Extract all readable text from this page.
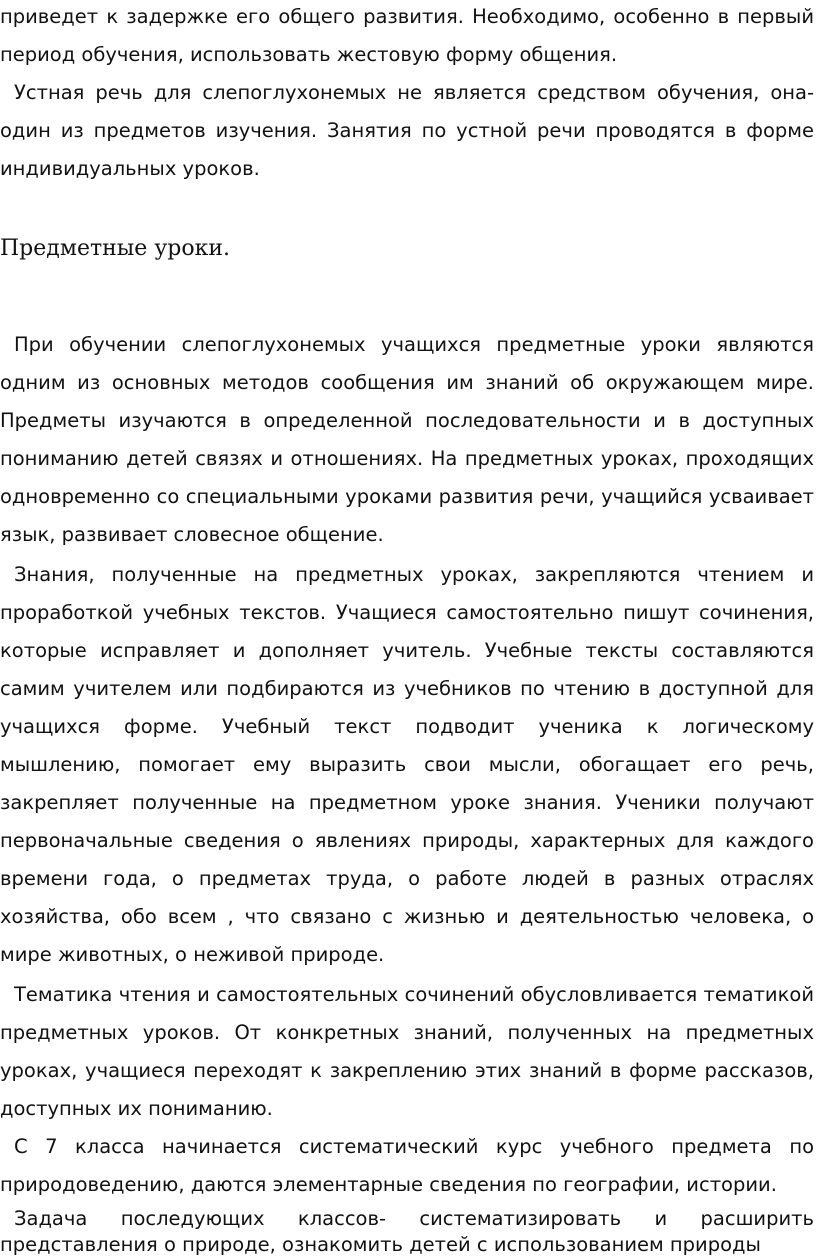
приведет к задержке его общего развития. Необходимо, особенно в первый период обучения, использовать жестовую форму общения.

Устная речь для слепоглухонемых не является средством обучения, она-один из предметов изучения. Занятия по устной речи проводятся в форме индивидуальных уроков.

Предметные уроки.

При обучении слепоглухонемых учащихся предметные уроки являются одним из основных методов сообщения им знаний об окружающем мире. Предметы изучаются в определенной последовательности и в доступных пониманию детей связях и отношениях. На предметных уроках, проходящих одновременно со специальными уроками развития речи, учащийся усваивает язык, развивает словесное общение.

Знания, полученные на предметных уроках, закрепляются чтением и проработкой учебных текстов. Учащиеся самостоятельно пишут сочинения, которые исправляет и дополняет учитель. Учебные тексты составляются самим учителем или подбираются из учебников по чтению в доступной для учащихся форме. Учебный текст подводит ученика к логическому мышлению, помогает ему выразить свои мысли, обогащает его речь, закрепляет полученные на предметном уроке знания. Ученики получают первоначальные сведения о явлениях природы, характерных для каждого времени года, о предметах труда, о работе людей в разных отраслях хозяйства, обо всем , что связано с жизнью и деятельностью человека, о мире животных, о неживой природе.

Тематика чтения и самостоятельных сочинений обусловливается тематикой предметных уроков. От конкретных знаний, полученных на предметных уроках, учащиеся переходят к закреплению этих знаний в форме рассказов, доступных их пониманию.

С 7 класса начинается систематический курс учебного предмета по природоведению, даются элементарные сведения по географии, истории.

Задача последующих классов- систематизировать и расширить представления о природе, ознакомить детей с использованием природы
